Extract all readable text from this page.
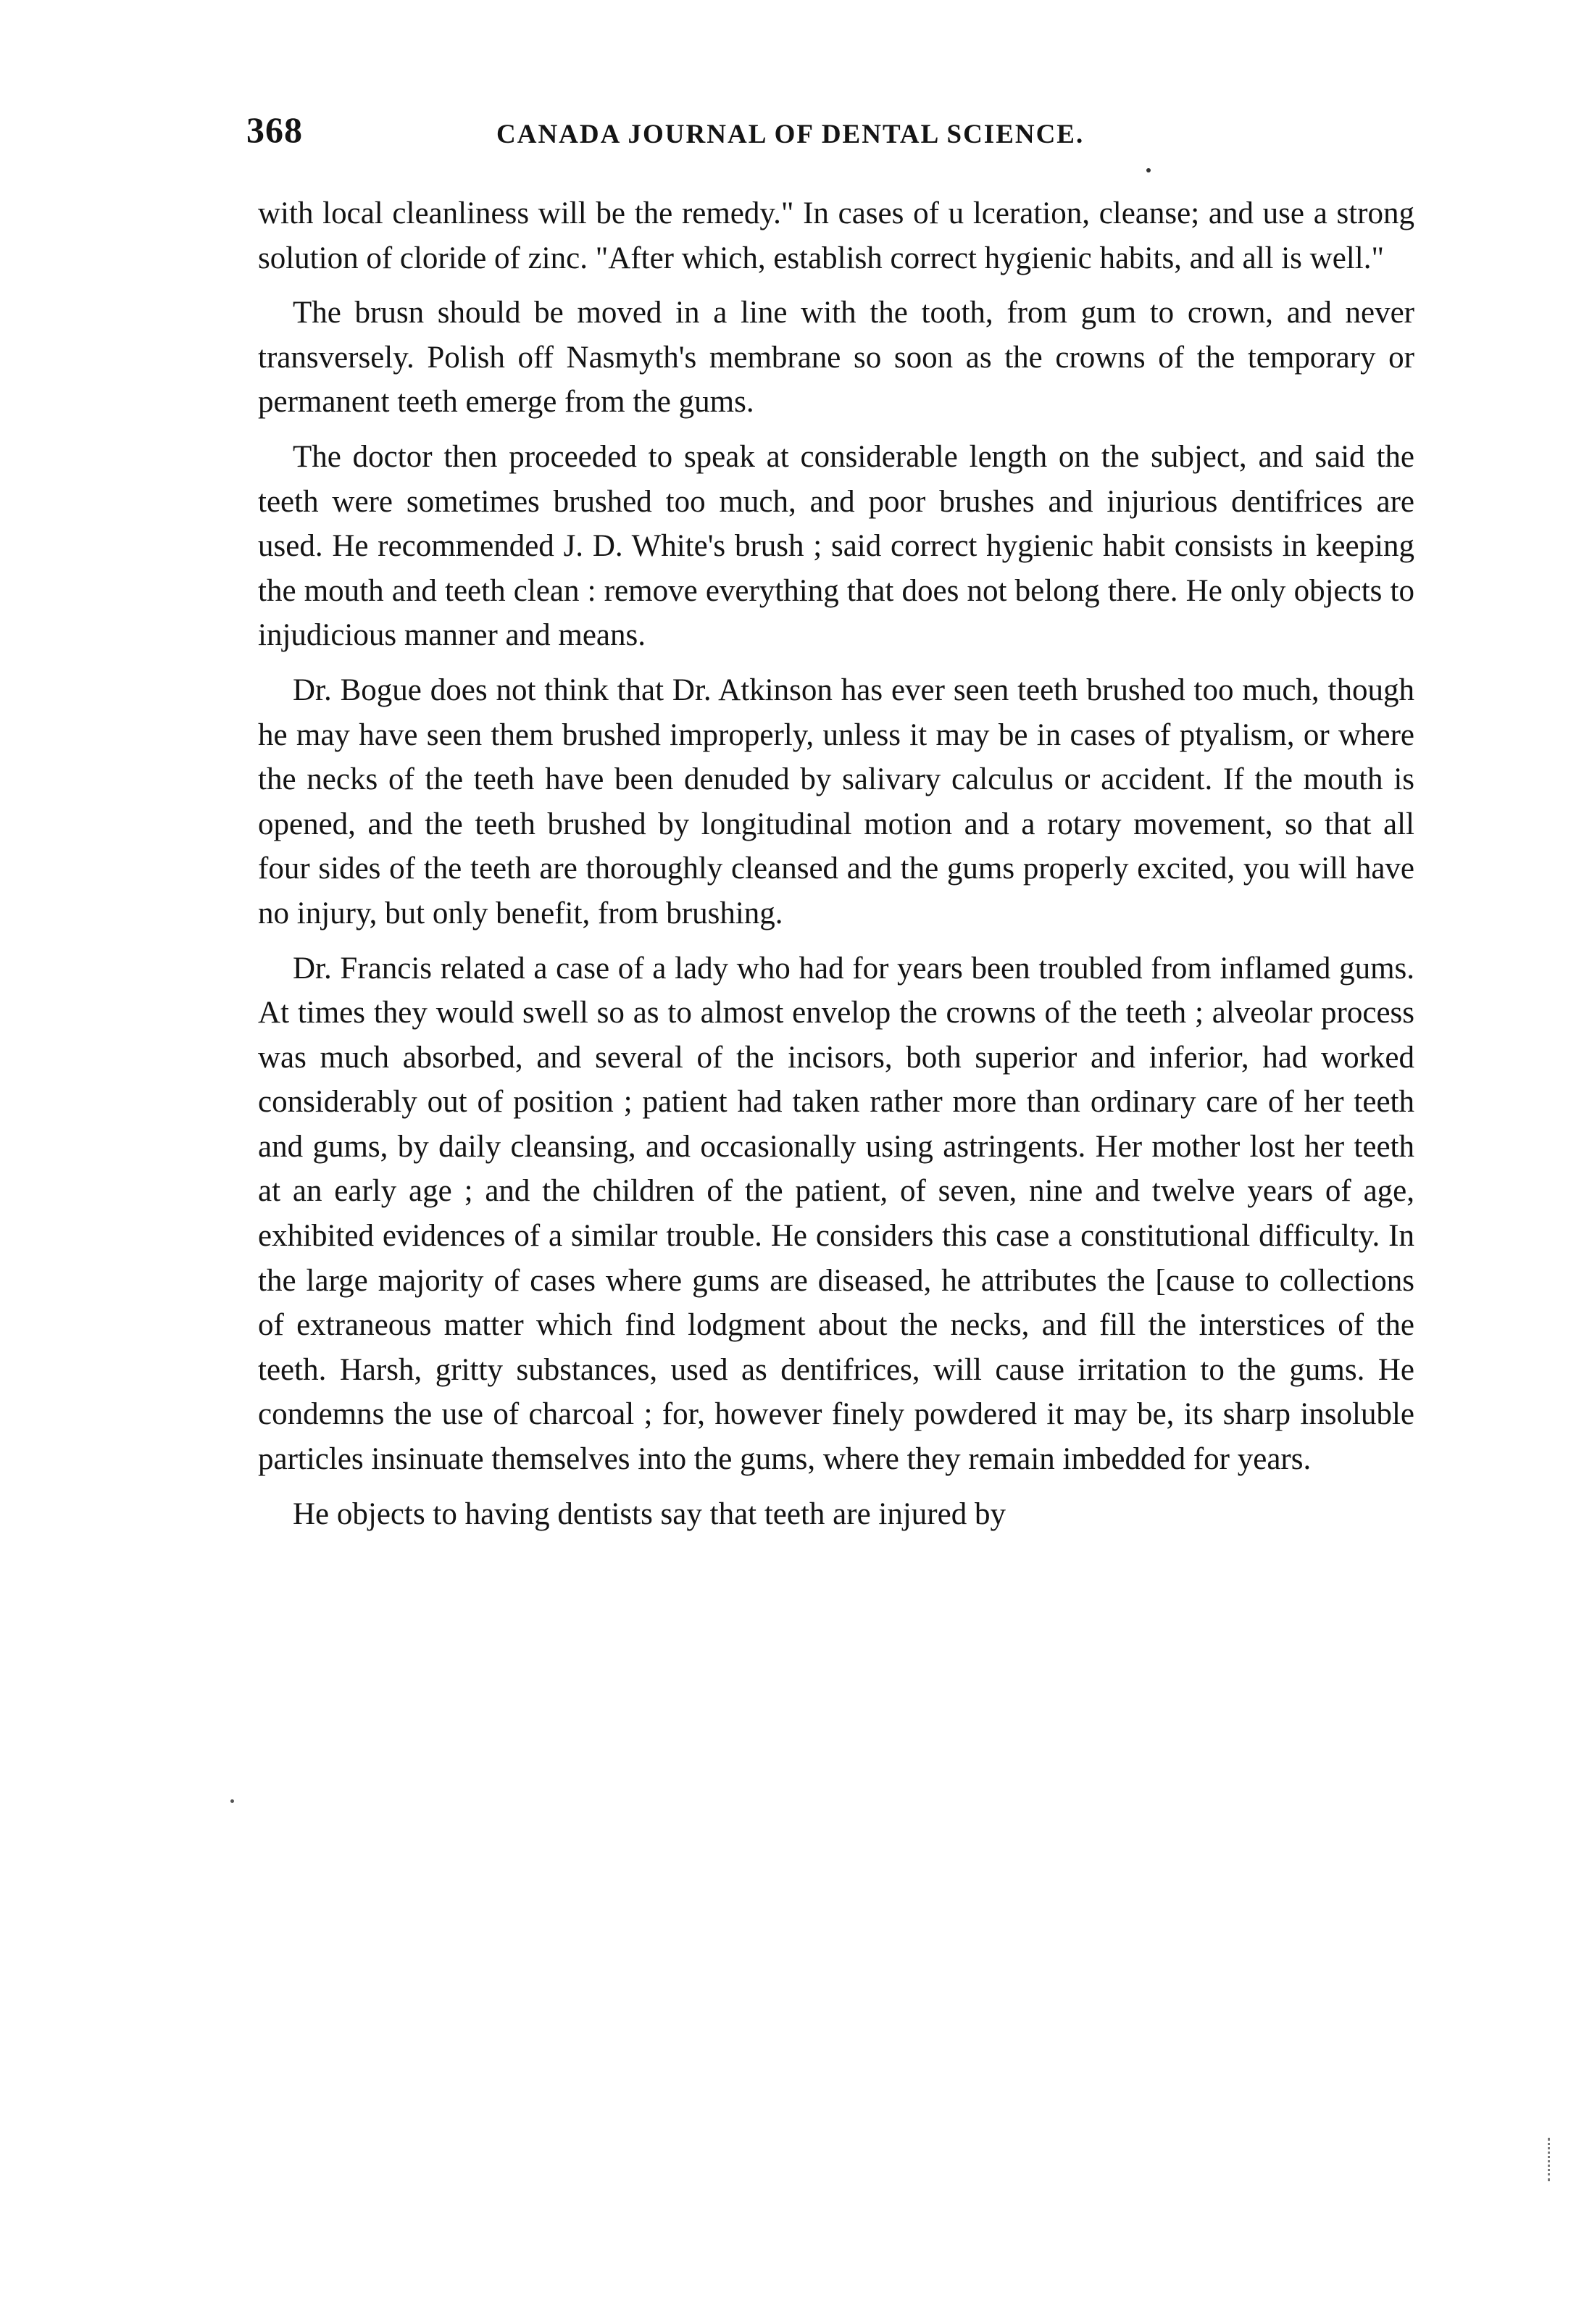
368	CANADA JOURNAL OF DENTAL SCIENCE.

with local cleanliness will be the remedy." In cases of u lceration, cleanse; and use a strong solution of cloride of zinc. "After which, establish correct hygienic habits, and all is well."

The brusn should be moved in a line with the tooth, from gum to crown, and never transversely. Polish off Nasmyth's membrane so soon as the crowns of the temporary or permanent teeth emerge from the gums.

The doctor then proceeded to speak at considerable length on the subject, and said the teeth were sometimes brushed too much, and poor brushes and injurious dentifrices are used. He recommended J. D. White's brush ; said correct hygienic habit consists in keeping the mouth and teeth clean : remove everything that does not belong there. He only objects to injudicious manner and means.

Dr. Bogue does not think that Dr. Atkinson has ever seen teeth brushed too much, though he may have seen them brushed improperly, unless it may be in cases of ptyalism, or where the necks of the teeth have been denuded by salivary calculus or accident. If the mouth is opened, and the teeth brushed by longitudinal motion and a rotary movement, so that all four sides of the teeth are thoroughly cleansed and the gums properly excited, you will have no injury, but only benefit, from brushing.

Dr. Francis related a case of a lady who had for years been troubled from inflamed gums. At times they would swell so as to almost envelop the crowns of the teeth ; alveolar process was much absorbed, and several of the incisors, both superior and inferior, had worked considerably out of position ; patient had taken rather more than ordinary care of her teeth and gums, by daily cleansing, and occasionally using astringents. Her mother lost her teeth at an early age ; and the children of the patient, of seven, nine and twelve years of age, exhibited evidences of a similar trouble. He considers this case a constitutional difficulty. In the large majority of cases where gums are diseased, he attributes the [cause to collections of extraneous matter which find lodgment about the necks, and fill the interstices of the teeth. Harsh, gritty substances, used as dentifrices, will cause irritation to the gums. He condemns the use of charcoal ; for, however finely powdered it may be, its sharp insoluble particles insinuate themselves into the gums, where they remain imbedded for years.

He objects to having dentists say that teeth are injured by
